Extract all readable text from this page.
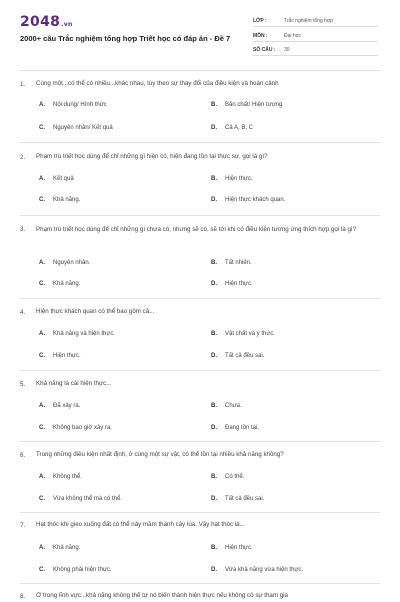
2048.vn
2000+ câu Trắc nghiệm tổng hợp Triết học có đáp án - Đề 7
LỚP :	Trắc nghiệm tổng hợp
MÔN :	Đại học
SỐ CÂU : 30
1.	Cùng một...có thể có nhiều...khác nhau, tùy theo sự thay đổi của điều kiện và hoàn cảnh
A. Nội dung/ Hình thức	B. Bản chất/ Hiện tượng
C. Nguyên nhân/ Kết quả	D. Cả A, B, C
2.	Phạm trù triết học dùng để chỉ những gì hiện có, hiện đang tồn tại thực sự, gọi là gì?
A. Kết quả	B. Hiện thực.
C. Khả năng.	D. Hiện thực khách quan.
3.	Phạm trù triết học dùng để chỉ những gì chưa có, nhưng sẽ có, sẽ tới khi có điều kiện tương ứng thích hợp gọi là gì?
A. Nguyên nhân.	B. Tất nhiên.
C. Khả năng.	D. Hiện thực.
4.	Hiện thực khách quan có thể bao gồm cả...
A. Khả năng và hiện thực.	B. Vật chất và ý thức.
C. Hiện thực.	D. Tất cả đều sai.
5.	Khả năng là cái hiện thực...
A. Đã xảy ra.	B. Chưa.
C. Không bao giờ xảy ra.	D. Đang tồn tại.
6.	Trong những điều kiện nhất định, ở cùng một sự vật, có thể tồn tại nhiều khả năng không?
A. Không thể.	B. Có thể.
C. Vừa không thể mà có thể.	D. Tất cả đều sai.
7.	Hạt thóc khi gieo xuống đất có thể nảy mầm thành cây lúa. Vậy hạt thóc là...
A. Khả năng.	B. Hiện thực.
C. Không phải hiện thực.	D. Vừa khả năng vừa hiện thực.
8.	Ở trong lĩnh vực...khả năng không thể tự nó biến thành hiện thực nếu không có sự tham gia
